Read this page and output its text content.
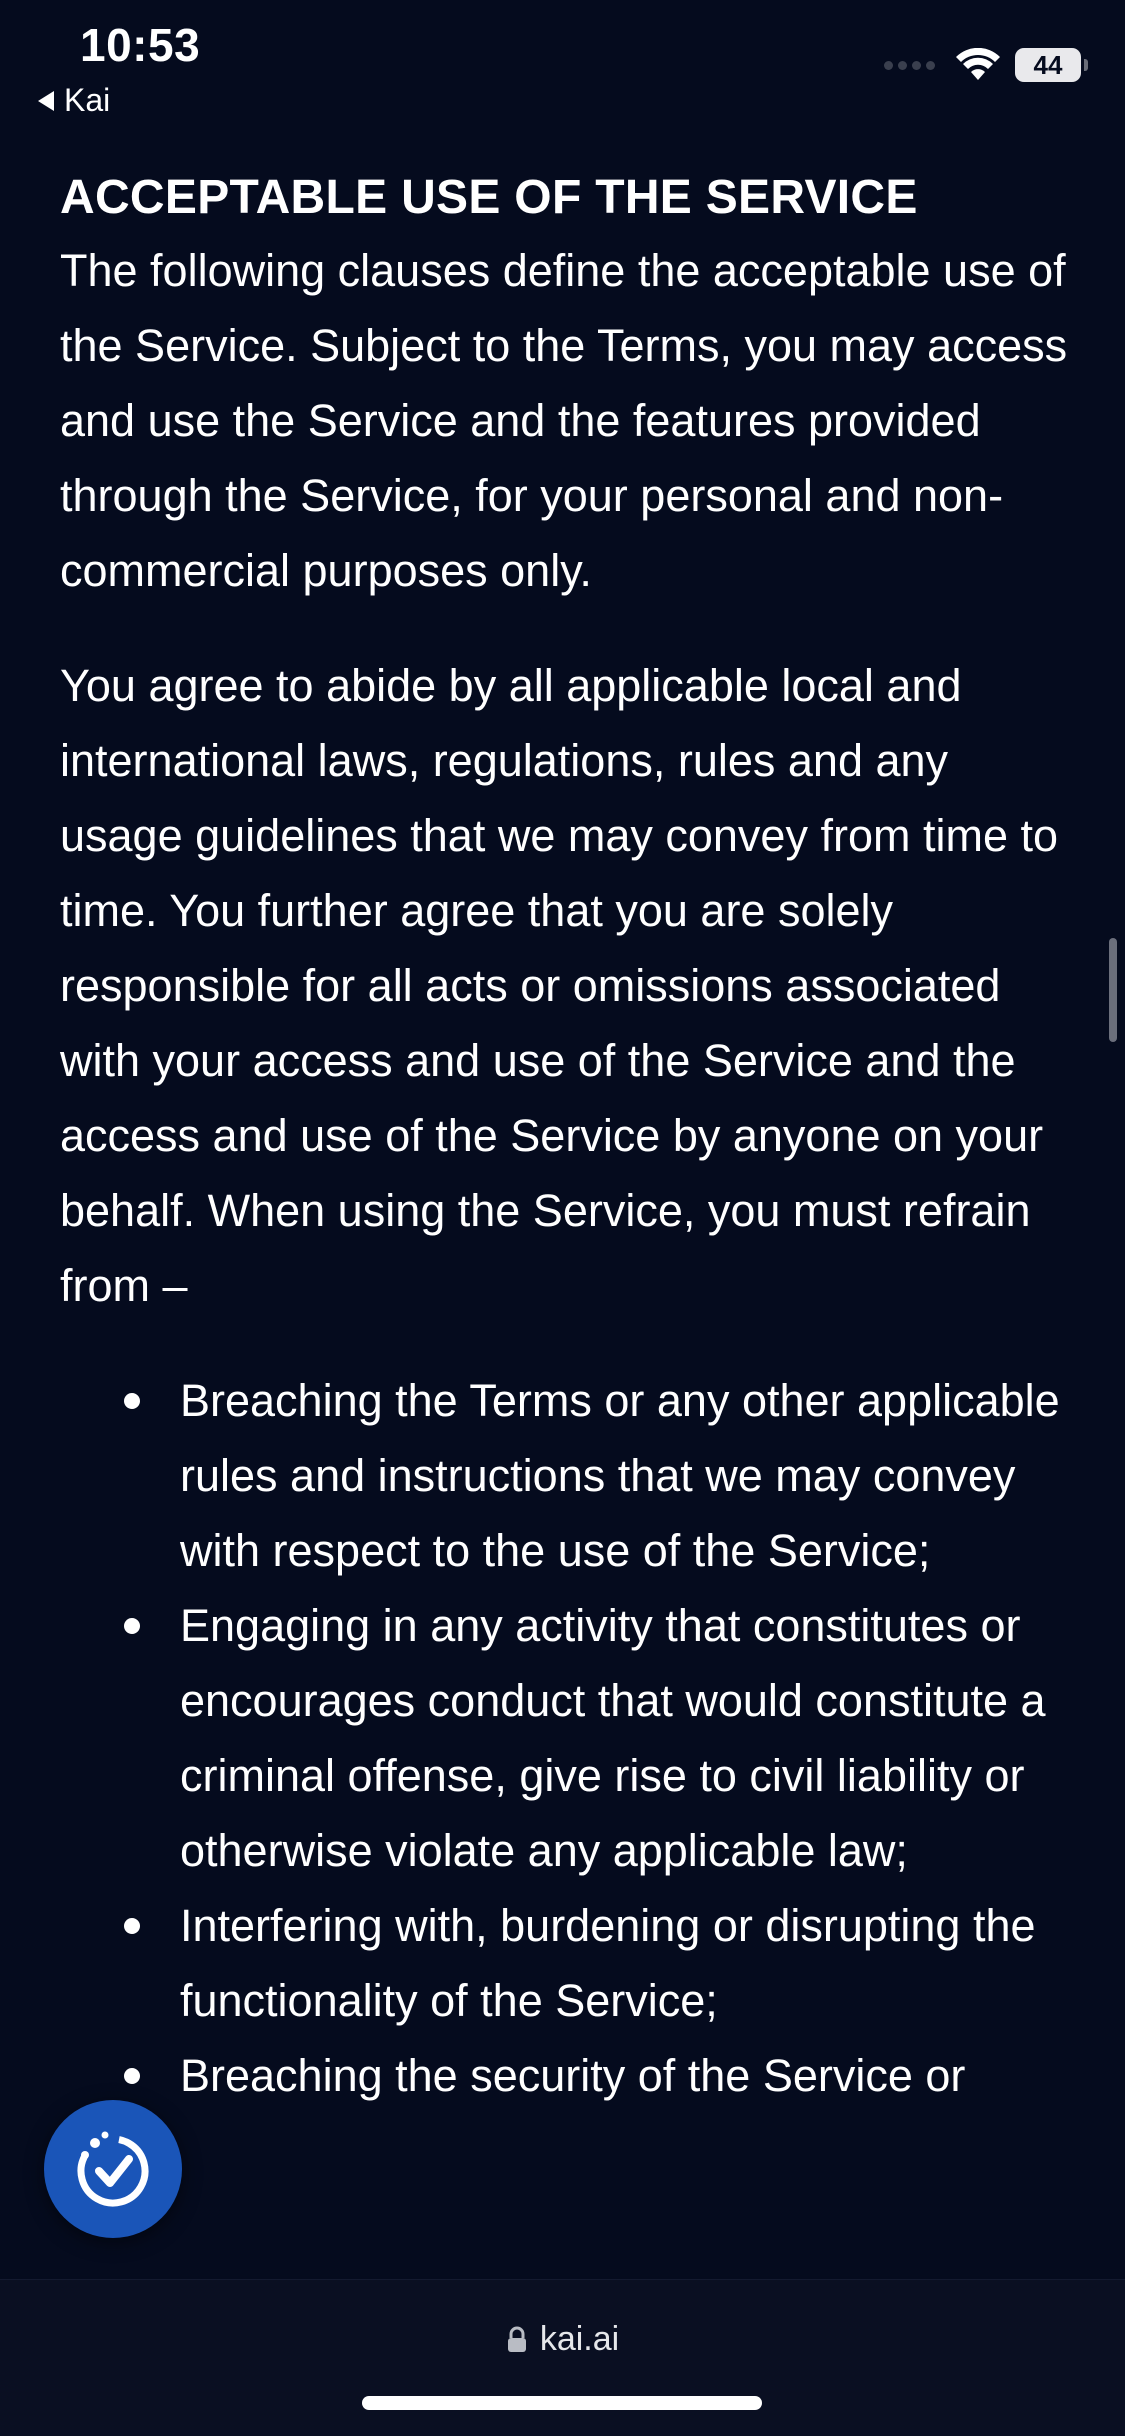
10:53
Kai
44
ACCEPTABLE USE OF THE SERVICE

The following clauses define the acceptable use of the Service. Subject to the Terms, you may access and use the Service and the features provided through the Service, for your personal and non-commercial purposes only.

You agree to abide by all applicable local and international laws, regulations, rules and any usage guidelines that we may convey from time to time. You further agree that you are solely responsible for all acts or omissions associated with your access and use of the Service and the access and use of the Service by anyone on your behalf. When using the Service, you must refrain from –

Breaching the Terms or any other applicable rules and instructions that we may convey with respect to the use of the Service;
Engaging in any activity that constitutes or encourages conduct that would constitute a criminal offense, give rise to civil liability or otherwise violate any applicable law;
Interfering with, burdening or disrupting the functionality of the Service;
Breaching the security of the Service or
kai.ai
